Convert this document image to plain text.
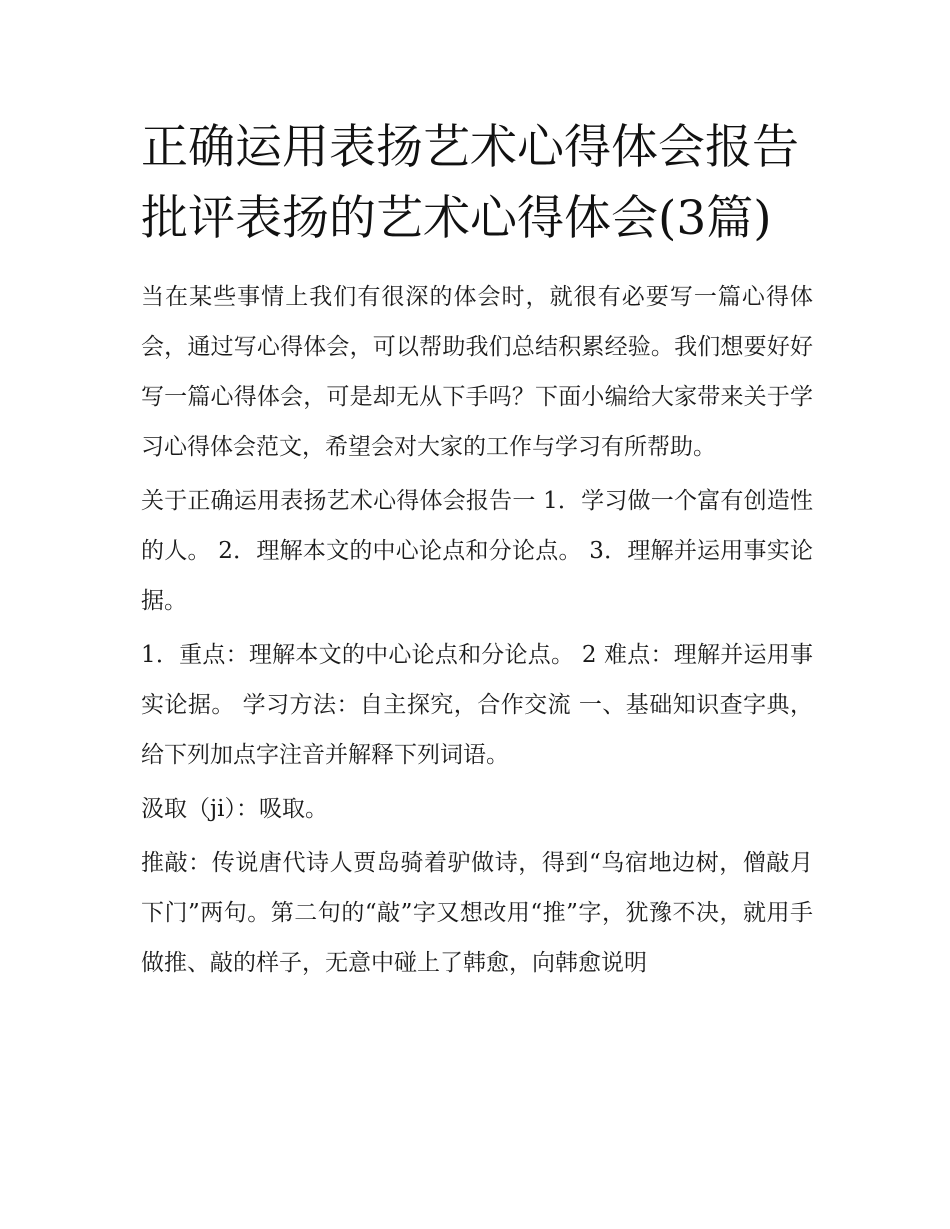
正确运用表扬艺术心得体会报告 批评表扬的艺术心得体会(3篇)

当在某些事情上我们有很深的体会时，就很有必要写一篇心得体会，通过写心得体会，可以帮助我们总结积累经验。我们想要好好写一篇心得体会，可是却无从下手吗？下面小编给大家带来关于学习心得体会范文，希望会对大家的工作与学习有所帮助。

关于正确运用表扬艺术心得体会报告一 1．学习做一个富有创造性的人。 2．理解本文的中心论点和分论点。 3．理解并运用事实论据。

1．重点：理解本文的中心论点和分论点。 2 难点：理解并运用事实论据。 学习方法：自主探究，合作交流 一、基础知识查字典，给下列加点字注音并解释下列词语。

汲取（ji）：吸取。

推敲：传说唐代诗人贾岛骑着驴做诗，得到“鸟宿地边树，僧敲月下门”两句。第二句的“敲”字又想改用“推”字，犹豫不决，就用手做推、敲的样子，无意中碰上了韩愈，向韩愈说明
